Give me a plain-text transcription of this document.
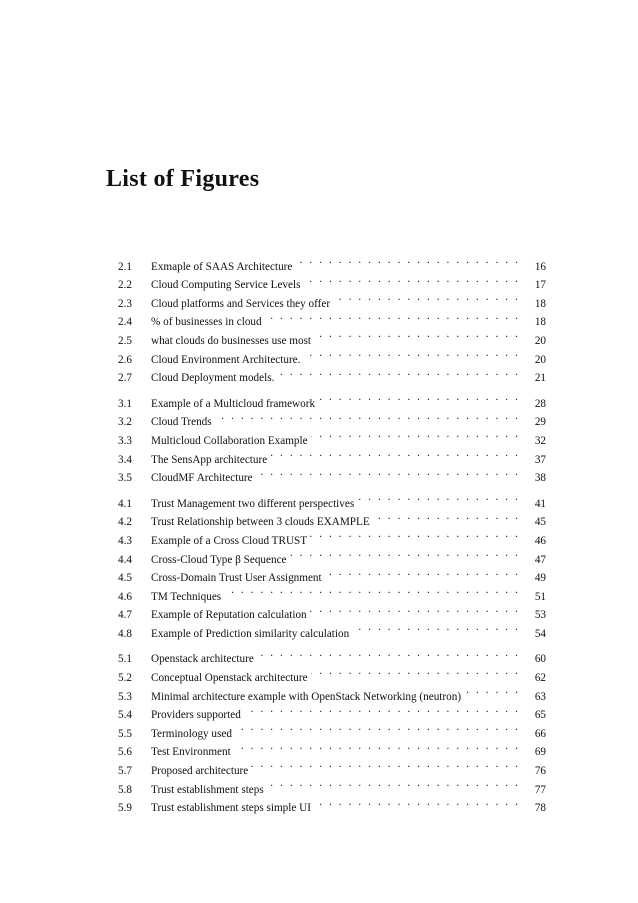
List of Figures
2.1	Exmaple of SAAS Architecture . . .	16
2.2	Cloud Computing Service Levels . . .	17
2.3	Cloud platforms and Services they offer . . .	18
2.4	% of businesses in cloud . . .	18
2.5	what clouds do businesses use most . . .	20
2.6	Cloud Environment Architecture. . . .	20
2.7	Cloud Deployment models. . . .	21
3.1	Example of a Multicloud framework . . .	28
3.2	Cloud Trends . . .	29
3.3	Multicloud Collaboration Example . . .	32
3.4	The SensApp architecture . . .	37
3.5	CloudMF Architecture . . .	38
4.1	Trust Management two different perspectives . . .	41
4.2	Trust Relationship between 3 clouds EXAMPLE . . .	45
4.3	Example of a Cross Cloud TRUST . . .	46
4.4	Cross-Cloud Type β Sequence . . .	47
4.5	Cross-Domain Trust User Assignment . . .	49
4.6	TM Techniques . . .	51
4.7	Example of Reputation calculation . . .	53
4.8	Example of Prediction similarity calculation . . .	54
5.1	Openstack architecture . . .	60
5.2	Conceptual Openstack architecture . . .	62
5.3	Minimal architecture example with OpenStack Networking (neutron) . . .	63
5.4	Providers supported . . .	65
5.5	Terminology used . . .	66
5.6	Test Environment . . .	69
5.7	Proposed architecture . . .	76
5.8	Trust establishment steps . . .	77
5.9	Trust establishment steps simple UI . . .	78
